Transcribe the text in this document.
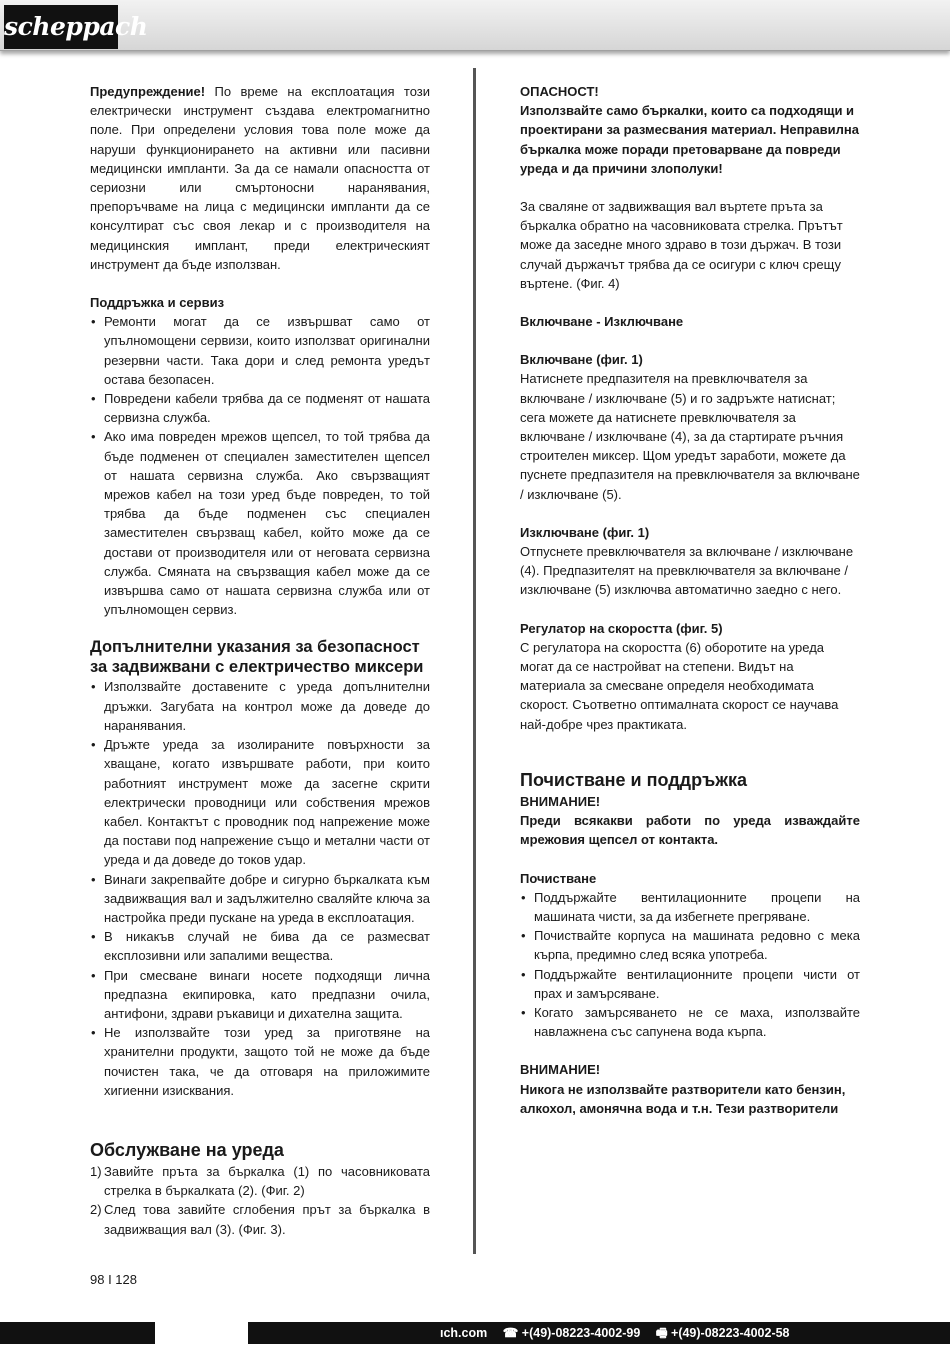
scheppach

Предупреждение! По време на експлоатация този електрически инструмент създава електромагнитно поле. При определени условия това поле може да наруши функционирането на активни или пасивни медицински импланти. За да се намали опасността от сериозни или смъртоносни наранявания, препоръчваме на лица с медицински импланти да се консултират със своя лекар и с производителя на медицинския имплант, преди електрическият инструмент да бъде използван.

Поддръжка и сервиз

• Ремонти могат да се извършват само от упълномощени сервизи, които използват оригинални резервни части. Така дори и след ремонта уредът остава безопасен.
• Повредени кабели трябва да се подменят от нашата сервизна служба.
• Ако има повреден мрежов щепсел, то той трябва да бъде подменен от специален заместителен щепсел от нашата сервизна служба. Ако свързващият мрежов кабел на този уред бъде повреден, то той трябва да бъде подменен със специален заместителен свързващ кабел, който може да се достави от производителя или от неговата сервизна служба. Смяната на свързващия кабел може да се извършва само от нашата сервизна служба или от упълномощен сервиз.

Допълнителни указания за безопасност за задвижвани с електричество миксери

• Използвайте доставените с уреда допълнителни дръжки. Загубата на контрол може да доведе до наранявания.
• Дръжте уреда за изолираните повърхности за хващане, когато извършвате работи, при които работният инструмент може да засегне скрити електрически проводници или собствения мрежов кабел. Контактът с проводник под напрежение може да постави под напрежение също и метални части от уреда и да доведе до токов удар.
• Винаги закрепвайте добре и сигурно бъркалката към задвижващия вал и задължително сваляйте ключа за настройка преди пускане на уреда в експлоатация.
• В никакъв случай не бива да се размесват експлозивни или запалими вещества.
• При смесване винаги носете подходящи лична предпазна екипировка, като предпазни очила, антифони, здрави ръкавици и дихателна защита.
• Не използвайте този уред за приготвяне на хранителни продукти, защото той не може да бъде почистен така, че да отговаря на приложимите хигиенни изисквания.

Обслужване на уреда

1) Завийте пръта за бъркалка (1) по часовниковата стрелка в бъркалката (2). (Фиг. 2)
2) След това завийте сглобения прът за бъркалка в задвижващия вал (3). (Фиг. 3).

ОПАСНОСТ!

Използвайте само бъркалки, които са подходящи и проектирани за размесвания материал. Неправилна бъркалка може поради претоварване да повреди уреда и да причини злополуки!

За сваляне от задвижващия вал въртете пръта за бъркалка обратно на часовниковата стрелка. Прътът може да заседне много здраво в този държач. В този случай държачът трябва да се осигури с ключ срещу въртене. (Фиг. 4)

Включване - Изключване

Включване (фиг. 1)

Натиснете предпазителя на превключвателя за включване / изключване (5) и го задръжте натиснат; сега можете да натиснете превключвателя за включване / изключване (4), за да стартирате ръчния строителен миксер. Щом уредът заработи, можете да пуснете предпазителя на превключвателя за включване / изключване (5).

Изключване (фиг. 1)

Отпуснете превключвателя за включване / изключване (4). Предпазителят на превключвателя за включване / изключване (5) изключва автоматично заедно с него.

Регулатор на скоростта (фиг. 5)

С регулатора на скоростта (6) оборотите на уреда могат да се настройват на степени. Видът на материала за смесване определя необходимата скорост. Съответно оптималната скорост се научава най-добре чрез практиката.

Почистване и поддръжка

ВНИМАНИЕ!

Преди всякакви работи по уреда изваждайте мрежовия щепсел от контакта.

Почистване

• Поддържайте вентилационните процепи на машината чисти, за да избегнете прегряване.
• Почиствайте корпуса на машината редовно с мека кърпа, предимно след всяка употреба.
• Поддържайте вентилационните процепи чисти от прах и замърсяване.
• Когато замърсяването не се маха, използвайте навлажнена със сапунена вода кърпа.

ВНИМАНИЕ!

Никога не използвайте разтворители като бензин, алкохол, амонячна вода и т.н. Тези разтворители

98 I 128
ıch.com ☎ +(49)-08223-4002-99 🖷 +(49)-08223-4002-58
